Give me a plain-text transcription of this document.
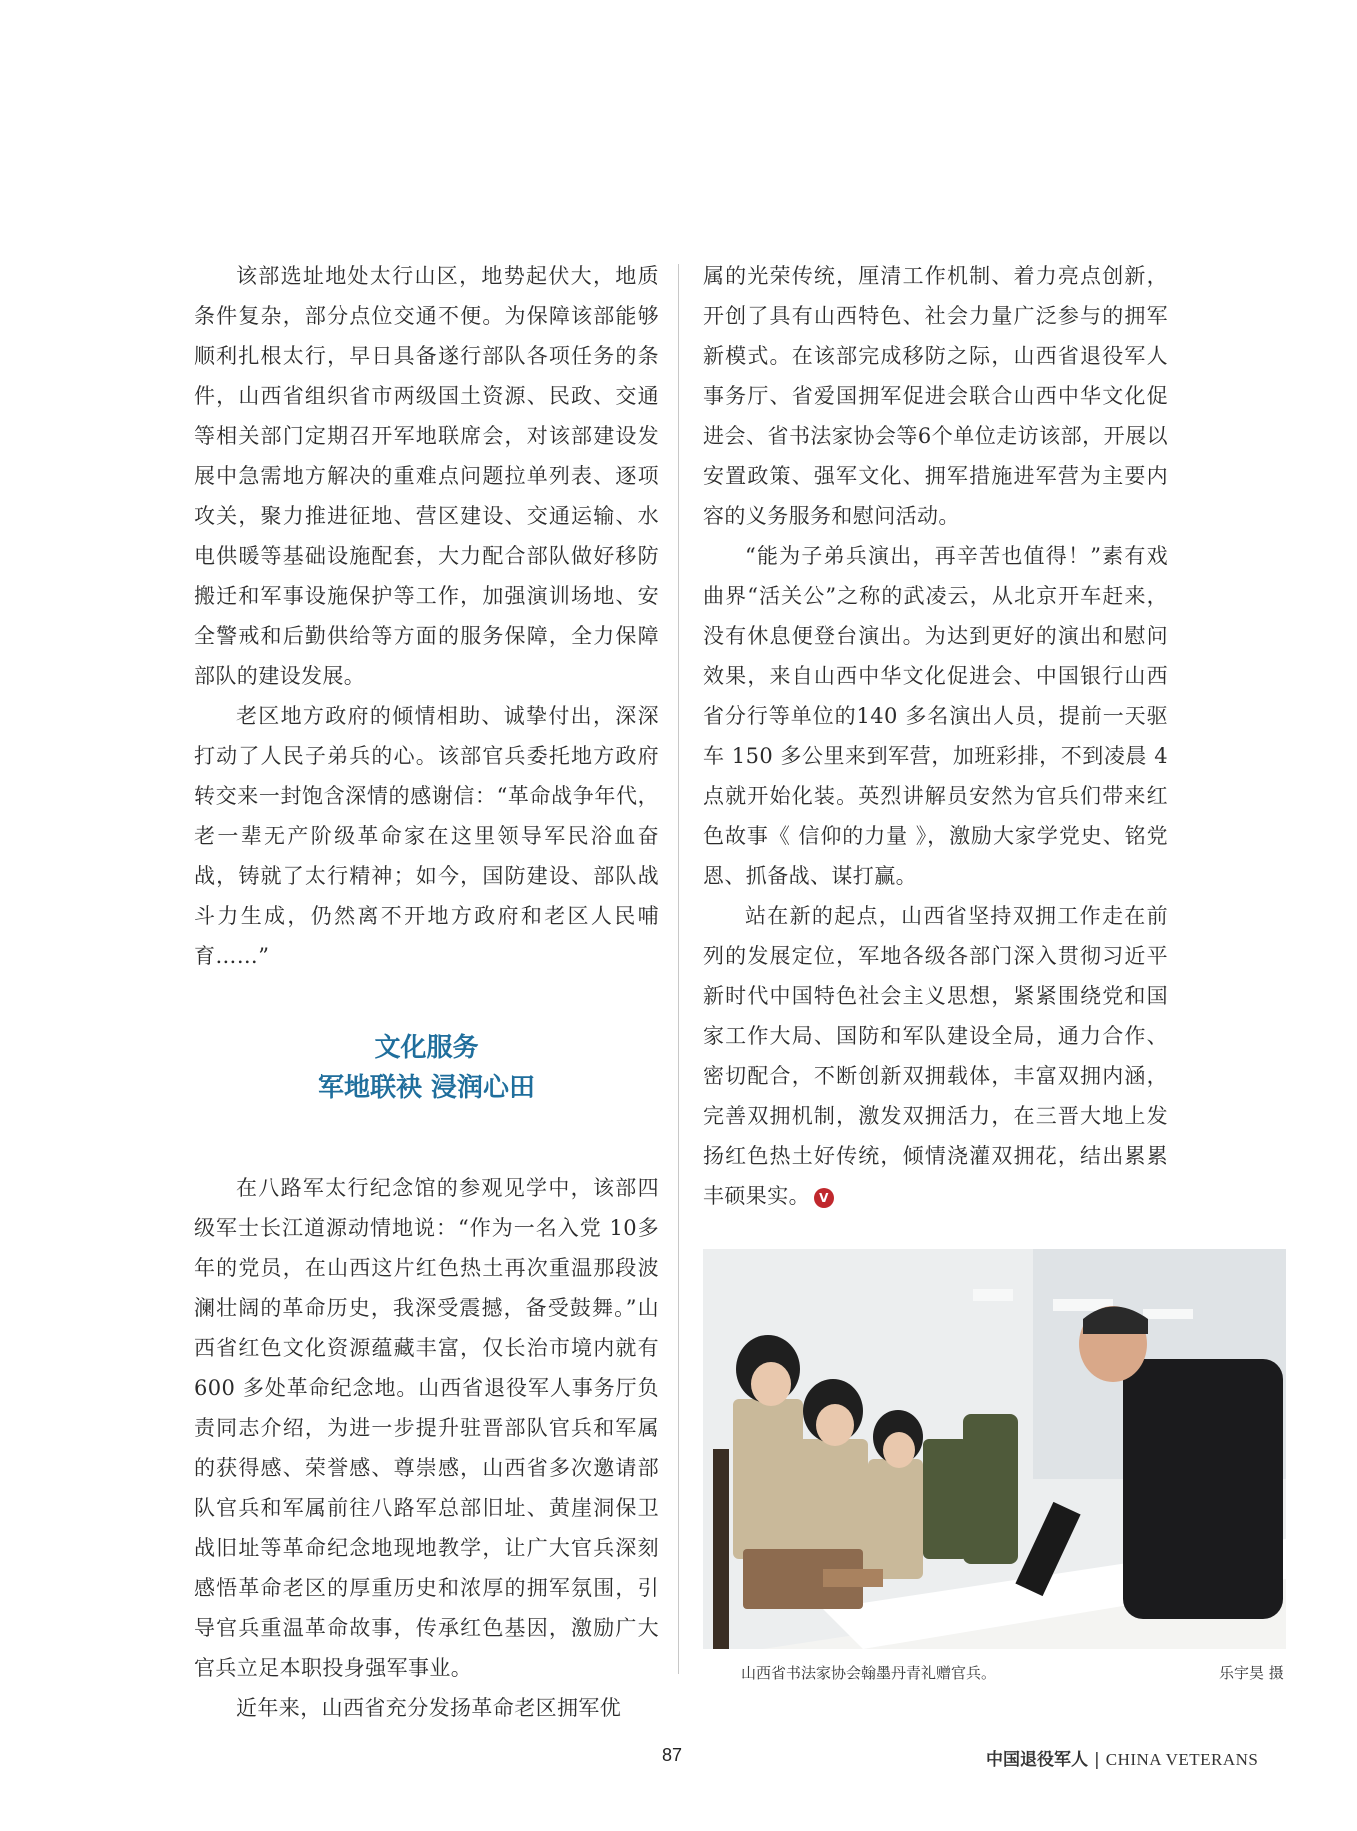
该部选址地处太行山区，地势起伏大，地质条件复杂，部分点位交通不便。为保障该部能够顺利扎根太行，早日具备遂行部队各项任务的条件，山西省组织省市两级国土资源、民政、交通等相关部门定期召开军地联席会，对该部建设发展中急需地方解决的重难点问题拉单列表、逐项攻关，聚力推进征地、营区建设、交通运输、水电供暖等基础设施配套，大力配合部队做好移防搬迁和军事设施保护等工作，加强演训场地、安全警戒和后勤供给等方面的服务保障，全力保障部队的建设发展。

老区地方政府的倾情相助、诚挚付出，深深打动了人民子弟兵的心。该部官兵委托地方政府转交来一封饱含深情的感谢信：“革命战争年代，老一辈无产阶级革命家在这里领导军民浴血奋战，铸就了太行精神；如今，国防建设、部队战斗力生成，仍然离不开地方政府和老区人民哺育……”

文化服务
军地联袂 浸润心田

在八路军太行纪念馆的参观见学中，该部四级军士长江道源动情地说：“作为一名入党 10多年的党员，在山西这片红色热土再次重温那段波澜壮阔的革命历史，我深受震撼，备受鼓舞。”山西省红色文化资源蕴藏丰富，仅长治市境内就有600 多处革命纪念地。山西省退役军人事务厅负责同志介绍，为进一步提升驻晋部队官兵和军属的获得感、荣誉感、尊崇感，山西省多次邀请部队官兵和军属前往八路军总部旧址、黄崖洞保卫战旧址等革命纪念地现地教学，让广大官兵深刻感悟革命老区的厚重历史和浓厚的拥军氛围，引导官兵重温革命故事，传承红色基因，激励广大官兵立足本职投身强军事业。

近年来，山西省充分发扬革命老区拥军优

属的光荣传统，厘清工作机制、着力亮点创新，开创了具有山西特色、社会力量广泛参与的拥军新模式。在该部完成移防之际，山西省退役军人事务厅、省爱国拥军促进会联合山西中华文化促进会、省书法家协会等6个单位走访该部，开展以安置政策、强军文化、拥军措施进军营为主要内容的义务服务和慰问活动。

“能为子弟兵演出，再辛苦也值得！”素有戏曲界“活关公”之称的武凌云，从北京开车赶来，没有休息便登台演出。为达到更好的演出和慰问效果，来自山西中华文化促进会、中国银行山西省分行等单位的140 多名演出人员，提前一天驱车 150 多公里来到军营，加班彩排，不到凌晨 4 点就开始化装。英烈讲解员安然为官兵们带来红色故事《 信仰的力量 》，激励大家学党史、铭党恩、抓备战、谋打赢。

站在新的起点，山西省坚持双拥工作走在前列的发展定位，军地各级各部门深入贯彻习近平新时代中国特色社会主义思想，紧紧围绕党和国家工作大局、国防和军队建设全局，通力合作、密切配合，不断创新双拥载体，丰富双拥内涵，完善双拥机制，激发双拥活力，在三晋大地上发扬红色热土好传统，倾情浇灌双拥花，结出累累丰硕果实。 V

山西省书法家协会翰墨丹青礼赠官兵。	乐宇昊 摄
87	中国退役军人 | CHINA VETERANS
